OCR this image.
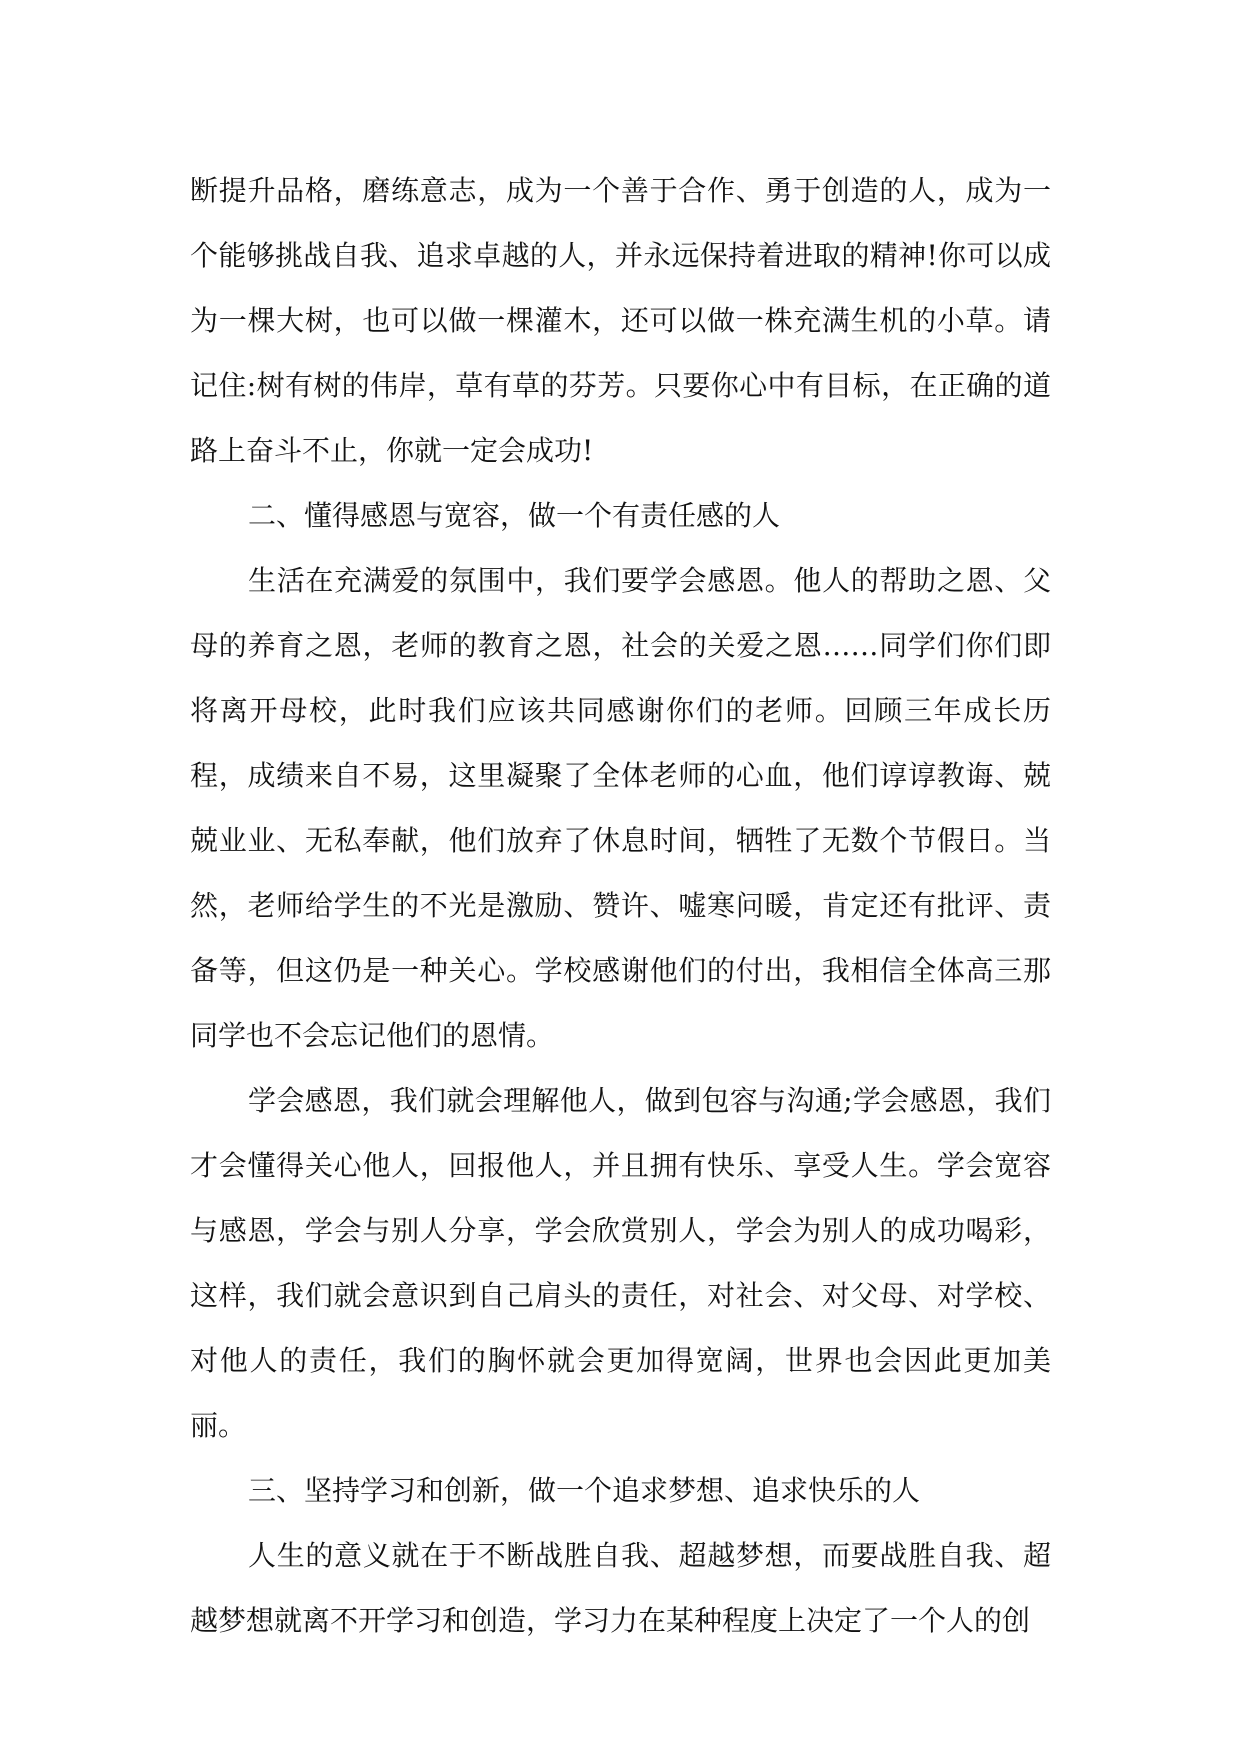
断提升品格，磨练意志，成为一个善于合作、勇于创造的人，成为一个能够挑战自我、追求卓越的人，并永远保持着进取的精神!你可以成为一棵大树，也可以做一棵灌木，还可以做一株充满生机的小草。请记住:树有树的伟岸，草有草的芬芳。只要你心中有目标，在正确的道路上奋斗不止，你就一定会成功!

二、懂得感恩与宽容，做一个有责任感的人

生活在充满爱的氛围中，我们要学会感恩。他人的帮助之恩、父母的养育之恩，老师的教育之恩，社会的关爱之恩……同学们你们即将离开母校，此时我们应该共同感谢你们的老师。回顾三年成长历程，成绩来自不易，这里凝聚了全体老师的心血，他们谆谆教诲、兢兢业业、无私奉献，他们放弃了休息时间，牺牲了无数个节假日。当然，老师给学生的不光是激励、赞许、嘘寒问暖，肯定还有批评、责备等，但这仍是一种关心。学校感谢他们的付出，我相信全体高三那同学也不会忘记他们的恩情。

学会感恩，我们就会理解他人，做到包容与沟通;学会感恩，我们才会懂得关心他人，回报他人，并且拥有快乐、享受人生。学会宽容与感恩，学会与别人分享，学会欣赏别人，学会为别人的成功喝彩，这样，我们就会意识到自己肩头的责任，对社会、对父母、对学校、对他人的责任，我们的胸怀就会更加得宽阔，世界也会因此更加美丽。

三、坚持学习和创新，做一个追求梦想、追求快乐的人

人生的意义就在于不断战胜自我、超越梦想，而要战胜自我、超越梦想就离不开学习和创造，学习力在某种程度上决定了一个人的创
